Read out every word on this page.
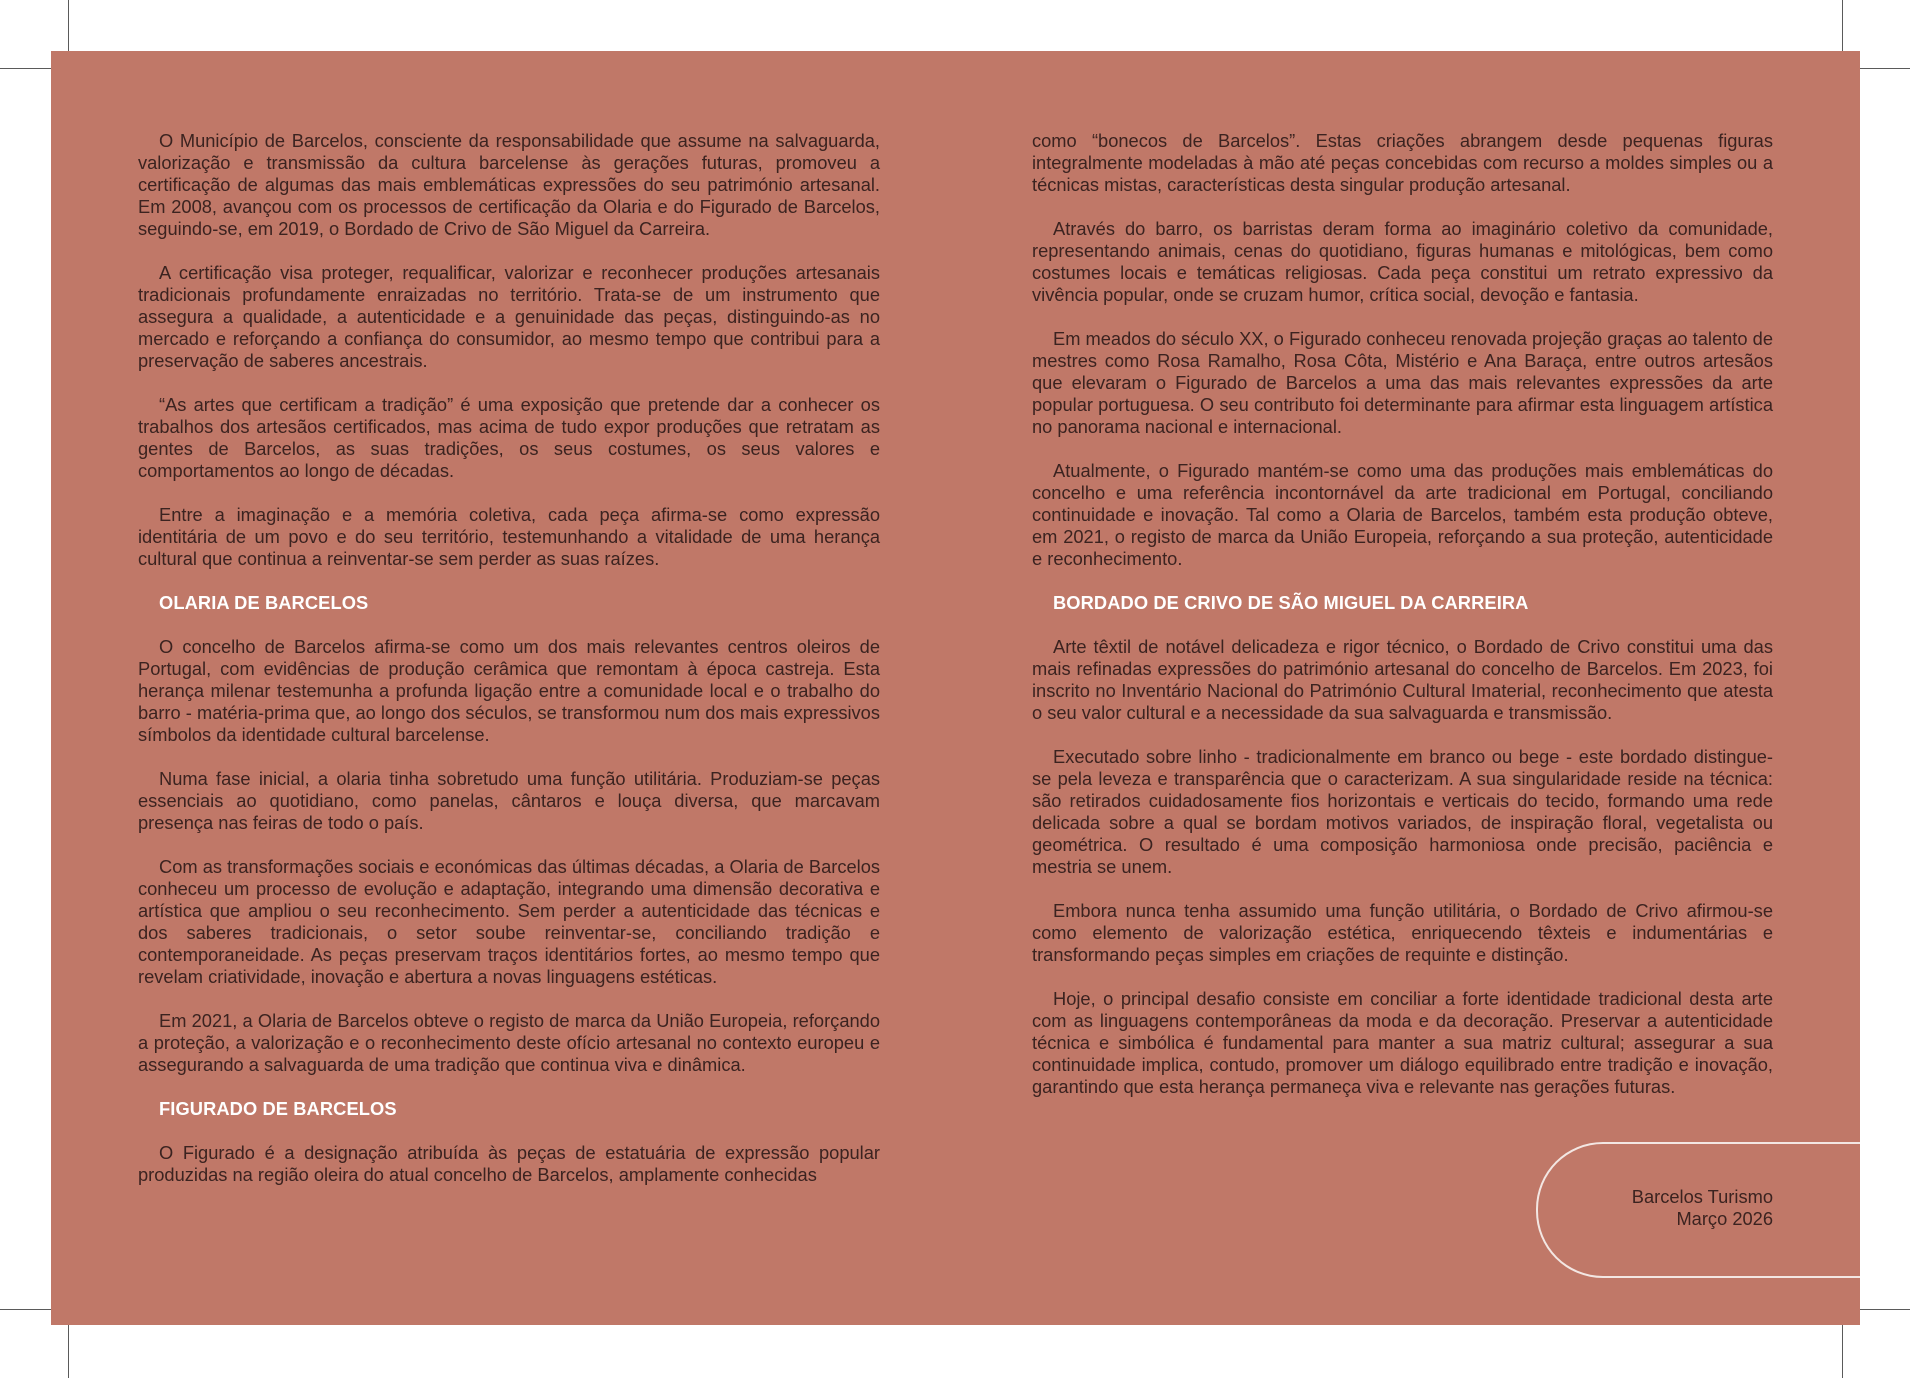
O Município de Barcelos, consciente da responsabilidade que assume na salvaguarda, valorização e transmissão da cultura barcelense às gerações futuras, promoveu a certificação de algumas das mais emblemáticas expressões do seu património artesanal. Em 2008, avançou com os processos de certificação da Olaria e do Figurado de Barcelos, seguindo-se, em 2019, o Bordado de Crivo de São Miguel da Carreira.

A certificação visa proteger, requalificar, valorizar e reconhecer produções artesanais tradicionais profundamente enraizadas no território. Trata-se de um instrumento que assegura a qualidade, a autenticidade e a genuinidade das peças, distinguindo-as no mercado e reforçando a confiança do consumidor, ao mesmo tempo que contribui para a preservação de saberes ancestrais.

“As artes que certificam a tradição” é uma exposição que pretende dar a conhecer os trabalhos dos artesãos certificados, mas acima de tudo expor produções que retratam as gentes de Barcelos, as suas tradições, os seus costumes, os seus valores e comportamentos ao longo de décadas.

Entre a imaginação e a memória coletiva, cada peça afirma-se como expressão identitária de um povo e do seu território, testemunhando a vitalidade de uma herança cultural que continua a reinventar-se sem perder as suas raízes.

OLARIA DE BARCELOS

O concelho de Barcelos afirma-se como um dos mais relevantes centros oleiros de Portugal, com evidências de produção cerâmica que remontam à época castreja. Esta herança milenar testemunha a profunda ligação entre a comunidade local e o trabalho do barro - matéria-prima que, ao longo dos séculos, se transformou num dos mais expressivos símbolos da identidade cultural barcelense.

Numa fase inicial, a olaria tinha sobretudo uma função utilitária. Produziam-se peças essenciais ao quotidiano, como panelas, cântaros e louça diversa, que marcavam presença nas feiras de todo o país.

Com as transformações sociais e económicas das últimas décadas, a Olaria de Barcelos conheceu um processo de evolução e adaptação, integrando uma dimensão decorativa e artística que ampliou o seu reconhecimento. Sem perder a autenticidade das técnicas e dos saberes tradicionais, o setor soube reinventar-se, conciliando tradição e contemporaneidade. As peças preservam traços identitários fortes, ao mesmo tempo que revelam criatividade, inovação e abertura a novas linguagens estéticas.

Em 2021, a Olaria de Barcelos obteve o registo de marca da União Europeia, reforçando a proteção, a valorização e o reconhecimento deste ofício artesanal no contexto europeu e assegurando a salvaguarda de uma tradição que continua viva e dinâmica.

FIGURADO DE BARCELOS

O Figurado é a designação atribuída às peças de estatuária de expressão popular produzidas na região oleira do atual concelho de Barcelos, amplamente conhecidas

como “bonecos de Barcelos”. Estas criações abrangem desde pequenas figuras integralmente modeladas à mão até peças concebidas com recurso a moldes simples ou a técnicas mistas, características desta singular produção artesanal.

Através do barro, os barristas deram forma ao imaginário coletivo da comunidade, representando animais, cenas do quotidiano, figuras humanas e mitológicas, bem como costumes locais e temáticas religiosas. Cada peça constitui um retrato expressivo da vivência popular, onde se cruzam humor, crítica social, devoção e fantasia.

Em meados do século XX, o Figurado conheceu renovada projeção graças ao talento de mestres como Rosa Ramalho, Rosa Côta, Mistério e Ana Baraça, entre outros artesãos que elevaram o Figurado de Barcelos a uma das mais relevantes expressões da arte popular portuguesa. O seu contributo foi determinante para afirmar esta linguagem artística no panorama nacional e internacional.

Atualmente, o Figurado mantém-se como uma das produções mais emblemáticas do concelho e uma referência incontornável da arte tradicional em Portugal, conciliando continuidade e inovação. Tal como a Olaria de Barcelos, também esta produção obteve, em 2021, o registo de marca da União Europeia, reforçando a sua proteção, autenticidade e reconhecimento.

BORDADO DE CRIVO DE SÃO MIGUEL DA CARREIRA

Arte têxtil de notável delicadeza e rigor técnico, o Bordado de Crivo constitui uma das mais refinadas expressões do património artesanal do concelho de Barcelos. Em 2023, foi inscrito no Inventário Nacional do Património Cultural Imaterial, reconhecimento que atesta o seu valor cultural e a necessidade da sua salvaguarda e transmissão.

Executado sobre linho - tradicionalmente em branco ou bege - este bordado distingue-se pela leveza e transparência que o caracterizam. A sua singularidade reside na técnica: são retirados cuidadosamente fios horizontais e verticais do tecido, formando uma rede delicada sobre a qual se bordam motivos variados, de inspiração floral, vegetalista ou geométrica. O resultado é uma composição harmoniosa onde precisão, paciência e mestria se unem.

Embora nunca tenha assumido uma função utilitária, o Bordado de Crivo afirmou-se como elemento de valorização estética, enriquecendo têxteis e indumentárias e transformando peças simples em criações de requinte e distinção.

Hoje, o principal desafio consiste em conciliar a forte identidade tradicional desta arte com as linguagens contemporâneas da moda e da decoração. Preservar a autenticidade técnica e simbólica é fundamental para manter a sua matriz cultural; assegurar a sua continuidade implica, contudo, promover um diálogo equilibrado entre tradição e inovação, garantindo que esta herança permaneça viva e relevante nas gerações futuras.

Barcelos Turismo
Março 2026
